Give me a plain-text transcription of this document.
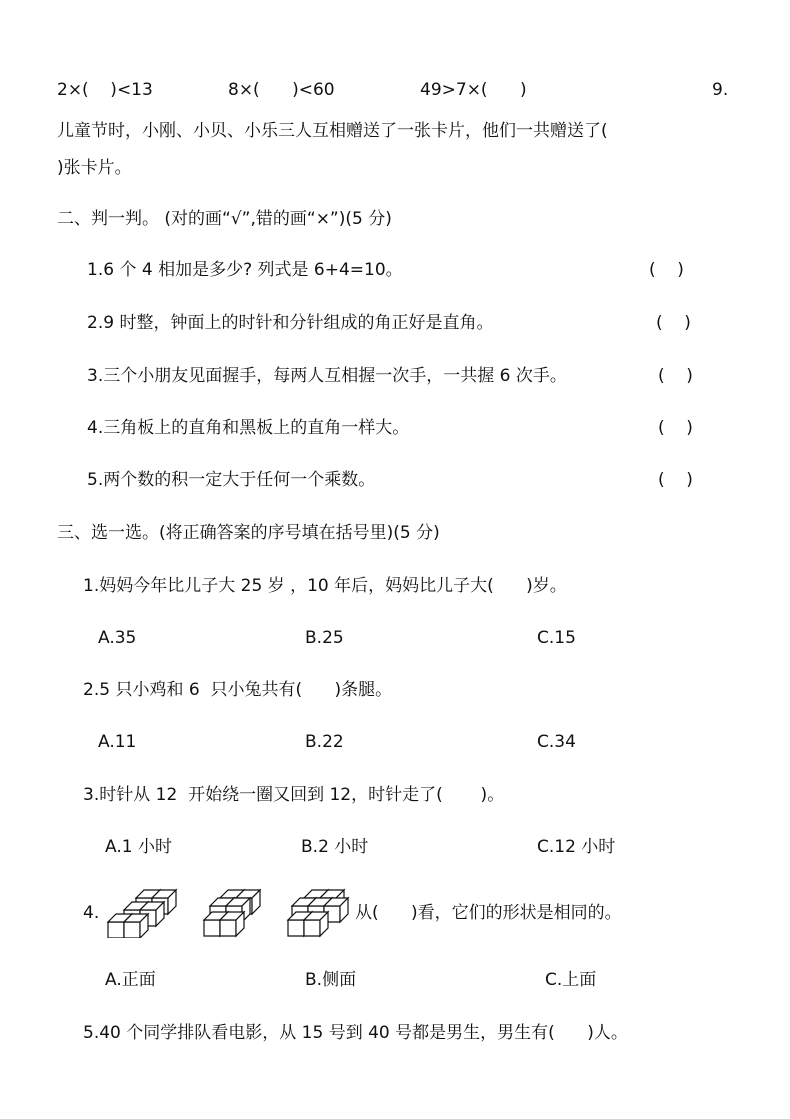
2×(    )<13	8×(      )<60	49>7×(      )	9.
儿童节时，小刚、小贝、小乐三人互相赠送了一张卡片，他们一共赠送了(
)张卡片。
二、判一判。 (对的画“√”,错的画“×”)(5 分)
1.6 个 4 相加是多少? 列式是 6+4=10。	(    )
2.9 时整，钟面上的时针和分针组成的角正好是直角。	(    )
3.三个小朋友见面握手，每两人互相握一次手，一共握 6 次手。	(    )
4.三角板上的直角和黑板上的直角一样大。	(    )
5.两个数的积一定大于任何一个乘数。	(    )
三、选一选。(将正确答案的序号填在括号里)(5 分)
1.妈妈今年比儿子大 25 岁 ，10 年后，妈妈比儿子大(      )岁。
A.35	B.25	C.15
2.5 只小鸡和 6  只小兔共有(      )条腿。
A.11	B.22	C.34
3.时针从 12  开始绕一圈又回到 12，时针走了(       )。
A.1 小时	B.2 小时	C.12 小时
4.	从(      )看，它们的形状是相同的。
A.正面	B.侧面	C.上面
5.40 个同学排队看电影，从 15 号到 40 号都是男生，男生有(      )人。
